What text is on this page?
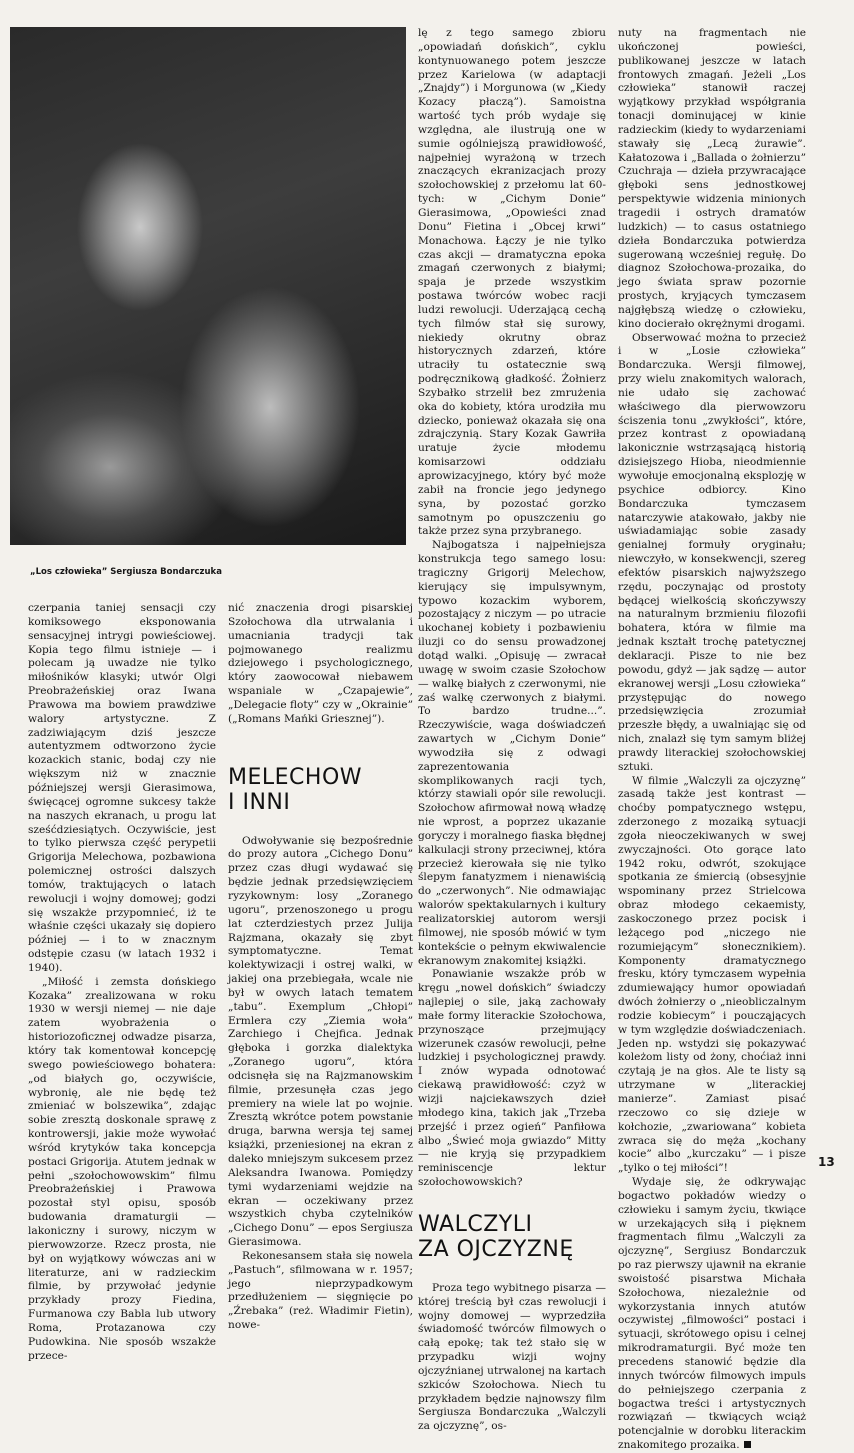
„Los człowieka” Sergiusza Bondarczuka

czerpania taniej sensacji czy komiksowego eksponowania sensacyjnej intrygi powieściowej. Kopia tego filmu istnieje — i polecam ją uwadze nie tylko miłośników klasyki; utwór Olgi Preobrażeńskiej oraz Iwana Prawowa ma bowiem prawdziwe walory artystyczne. Z zadziwiającym dziś jeszcze autentyzmem odtworzono życie kozackich stanic, bodaj czy nie większym niż w znacznie późniejszej wersji Gierasimowa, święcącej ogromne sukcesy także na naszych ekranach, u progu lat sześćdziesiątych. Oczywiście, jest to tylko pierwsza część perypetii Grigorija Melechowa, pozbawiona polemicznej ostrości dalszych tomów, traktujących o latach rewolucji i wojny domowej; godzi się wszakże przypomnieć, iż te właśnie części ukazały się dopiero później — i to w znacznym odstępie czasu (w latach 1932 i 1940).

„Miłość i zemsta dońskiego Kozaka” zrealizowana w roku 1930 w wersji niemej — nie daje zatem wyobrażenia o historiozoficznej odwadze pisarza, który tak komentował koncepcję swego powieściowego bohatera: „od białych go, oczywiście, wybronię, ale nie będę też zmieniać w bolszewika”, zdając sobie zresztą doskonale sprawę z kontrowersji, jakie może wywołać wśród krytyków taka koncepcja postaci Grigorija. Atutem jednak w pełni „szołochowowskim” filmu Preobrażeńskiej i Prawowa pozostał styl opisu, sposób budowania dramaturgii — lakoniczny i surowy, niczym w pierwowzorze. Rzecz prosta, nie był on wyjątkowy wówczas ani w literaturze, ani w radzieckim filmie, by przywołać jedynie przykłady prozy Fiedina, Furmanowa czy Babla lub utwory Roma, Protazanowa czy Pudowkina. Nie sposób wszakże przece-

nić znaczenia drogi pisarskiej Szołochowa dla utrwalania i umacniania tradycji tak pojmowanego realizmu dziejowego i psychologicznego, który zaowocował niebawem wspaniale w „Czapajewie”, „Delegacie floty” czy w „Okrainie” („Romans Mańki Griesznej”).

MELECHOW
I INNI

Odwoływanie się bezpośrednie do prozy autora „Cichego Donu” przez czas długi wydawać się będzie jednak przedsięwzięciem ryzykownym: losy „Zoranego ugoru”, przenoszonego u progu lat czterdziestych przez Julija Rajzmana, okazały się zbyt symptomatyczne. Temat kolektywizacji i ostrej walki, w jakiej ona przebiegała, wcale nie był w owych latach tematem „tabu”. Exemplum „Chłopi” Ermlera czy „Ziemia woła” Zarchiego i Chejfica. Jednak głęboka i gorzka dialektyka „Zoranego ugoru”, która odcisnęła się na Rajzmanowskim filmie, przesunęła czas jego premiery na wiele lat po wojnie. Zresztą wkrótce potem powstanie druga, barwna wersja tej samej książki, przeniesionej na ekran z daleko mniejszym sukcesem przez Aleksandra Iwanowa. Pomiędzy tymi wydarzeniami wejdzie na ekran — oczekiwany przez wszystkich chyba czytelników „Cichego Donu” — epos Sergiusza Gierasimowa.

Rekonesansem stała się nowela „Pastuch”, sfilmowana w r. 1957; jego nieprzypadkowym przedłużeniem — sięgnięcie po „Źrebaka” (reż. Władimir Fietin), nowe-

lę z tego samego zbioru „opowiadań dońskich”, cyklu kontynuowanego potem jeszcze przez Karielowa (w adaptacji „Znajdy”) i Morgunowa (w „Kiedy Kozacy płaczą”). Samoistna wartość tych prób wydaje się względna, ale ilustrują one w sumie ogólniejszą prawidłowość, najpełniej wyrażoną w trzech znaczących ekranizacjach prozy szołochowskiej z przełomu lat 60-tych: w „Cichym Donie” Gierasimowa, „Opowieści znad Donu” Fietina i „Obcej krwi” Monachowa. Łączy je nie tylko czas akcji — dramatyczna epoka zmagań czerwonych z białymi; spaja je przede wszystkim postawa twórców wobec racji ludzi rewolucji. Uderzającą cechą tych filmów stał się surowy, niekiedy okrutny obraz historycznych zdarzeń, które utraciły tu ostatecznie swą podręcznikową gładkość. Żołnierz Szybałko strzelił bez zmrużenia oka do kobiety, która urodziła mu dziecko, ponieważ okazała się ona zdrajczynią. Stary Kozak Gawriła uratuje życie młodemu komisarzowi oddziału aprowizacyjnego, który być może zabił na froncie jego jedynego syna, by pozostać gorzko samotnym po opuszczeniu go także przez syna przybranego.

Najbogatsza i najpełniejsza konstrukcja tego samego losu: tragiczny Grigorij Melechow, kierujący się impulsywnym, typowo kozackim wyborem, pozostający z niczym — po utracie ukochanej kobiety i pozbawieniu iluzji co do sensu prowadzonej dotąd walki. „Opisuję — zwracał uwagę w swoim czasie Szołochow — walkę białych z czerwonymi, nie zaś walkę czerwonych z białymi. To bardzo trudne...”. Rzeczywiście, waga doświadczeń zawartych w „Cichym Donie” wywodziła się z odwagi zaprezentowania skomplikowanych racji tych, którzy stawiali opór sile rewolucji. Szołochow afirmował nową władzę nie wprost, a poprzez ukazanie goryczy i moralnego fiaska błędnej kalkulacji strony przeciwnej, która przecież kierowała się nie tylko ślepym fanatyzmem i nienawiścią do „czerwonych”. Nie odmawiając walorów spektakularnych i kultury realizatorskiej autorom wersji filmowej, nie sposób mówić w tym kontekście o pełnym ekwiwalencie ekranowym znakomitej książki.

Ponawianie wszakże prób w kręgu „nowel dońskich” świadczy najlepiej o sile, jaką zachowały małe formy literackie Szołochowa, przynoszące przejmujący wizerunek czasów rewolucji, pełne ludzkiej i psychologicznej prawdy. I znów wypada odnotować ciekawą prawidłowość: czyż w wizji najciekawszych dzieł młodego kina, takich jak „Trzeba przejść i przez ogień” Panfiłowa albo „Świeć moja gwiazdo” Mitty — nie kryją się przypadkiem reminiscencje lektur szołochowowskich?

WALCZYLI
ZA OJCZYZNĘ

Proza tego wybitnego pisarza — której treścią był czas rewolucji i wojny domowej — wyprzedziła świadomość twórców filmowych o całą epokę; tak też stało się w przypadku wizji wojny ojczyźnianej utrwalonej na kartach szkiców Szołochowa. Niech tu przykładem będzie najnowszy film Sergiusza Bondarczuka „Walczyli za ojczyznę”, os-

nuty na fragmentach nie ukończonej powieści, publikowanej jeszcze w latach frontowych zmagań. Jeżeli „Los człowieka” stanowił raczej wyjątkowy przykład współgrania tonacji dominującej w kinie radzieckim (kiedy to wydarzeniami stawały się „Lecą żurawie”. Kałatozowa i „Ballada o żołnierzu” Czuchraja — dzieła przywracające głęboki sens jednostkowej perspektywie widzenia minionych tragedii i ostrych dramatów ludzkich) — to casus ostatniego dzieła Bondarczuka potwierdza sugerowaną wcześniej regułę. Do diagnoz Szołochowa-prozaika, do jego świata spraw pozornie prostych, kryjących tymczasem najgłębszą wiedzę o człowieku, kino docierało okrężnymi drogami.

Obserwować można to przecież i w „Losie człowieka” Bondarczuka. Wersji filmowej, przy wielu znakomitych walorach, nie udało się zachować właściwego dla pierwowzoru ściszenia tonu „zwykłości”, które, przez kontrast z opowiadaną lakonicznie wstrząsającą historią dzisiejszego Hioba, nieodmiennie wywołuje emocjonalną eksplozję w psychice odbiorcy. Kino Bondarczuka tymczasem natarczywie atakowało, jakby nie uświadamiając sobie zasady genialnej formuły oryginału; niewczyło, w konsekwencji, szereg efektów pisarskich najwyższego rzędu, poczynając od prostoty będącej wielkością skończywszy na naturalnym brzmieniu filozofii bohatera, która w filmie ma jednak kształt trochę patetycznej deklaracji. Pisze to nie bez powodu, gdyż — jak sądzę — autor ekranowej wersji „Losu człowieka” przystępując do nowego przedsięwzięcia zrozumiał przeszłe błędy, a uwalniając się od nich, znalazł się tym samym bliżej prawdy literackiej szołochowskiej sztuki.

W filmie „Walczyli za ojczyznę” zasadą także jest kontrast — choćby pompatycznego wstępu, zderzonego z mozaiką sytuacji zgoła nieoczekiwanych w swej zwyczajności. Oto gorące lato 1942 roku, odwrót, szokujące spotkania ze śmiercią (obsesyjnie wspominany przez Strielcowa obraz młodego cekaemisty, zaskoczonego przez pocisk i leżącego pod „niczego nie rozumiejącym” słonecznikiem). Komponenty dramatycznego fresku, który tymczasem wypełnia zdumiewający humor opowiadań dwóch żołnierzy o „nieobliczalnym rodzie kobiecym” i poucząjących w tym względzie doświadczeniach. Jeden np. wstydzi się pokazywać koleżom listy od żony, choćiaż inni czytają je na głos. Ale te listy są utrzymane w „literackiej manierze”. Zamiast pisać rzeczowo co się dzieje w kołchozie, „zwariowana” kobieta zwraca się do męża „kochany kocie” albo „kurczaku” — i pisze „tylko o tej miłości”!

Wydaje się, że odkrywając bogactwo pokładów wiedzy o człowieku i samym życiu, tkwiące w urzekających siłą i pięknem fragmentach filmu „Walczyli za ojczyznę”, Sergiusz Bondarczuk po raz pierwszy ujawnił na ekranie swoistość pisarstwa Michała Szołochowa, niezależnie od wykorzystania innych atutów oczywistej „filmowości” postaci i sytuacji, skrótowego opisu i celnej mikrodramaturgii. Być może ten precedens stanowić będzie dla innych twórców filmowych impuls do pełniejszego czerpania z bogactwa treści i artystycznych rozwiązań — tkwiących wciąż potencjalnie w dorobku literackim znakomitego prozaika.

13
